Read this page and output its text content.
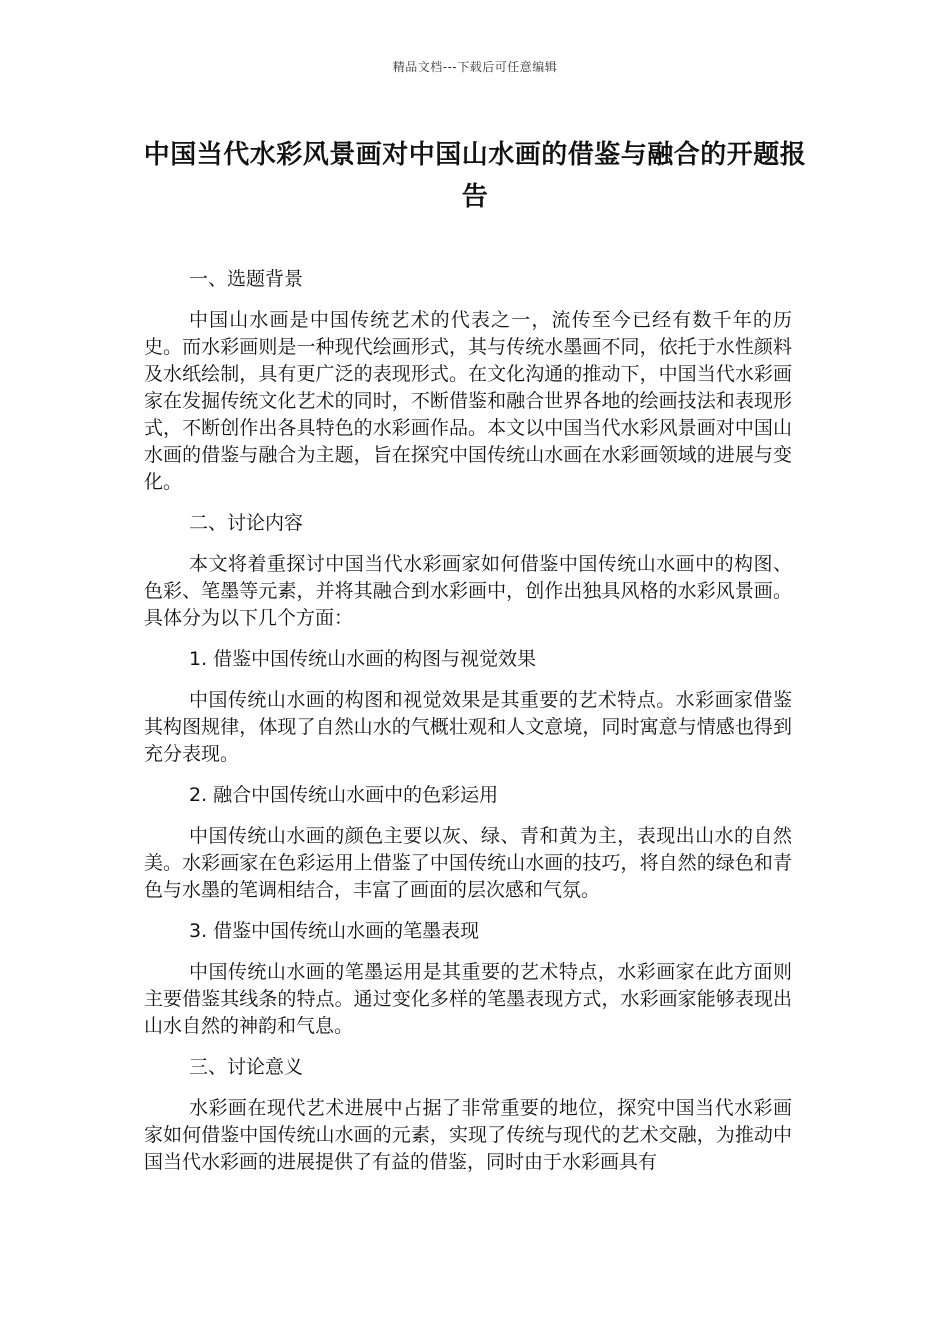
精品文档---下载后可任意编辑
中国当代水彩风景画对中国山水画的借鉴与融合的开题报告
一、选题背景
中国山水画是中国传统艺术的代表之一，流传至今已经有数千年的历史。而水彩画则是一种现代绘画形式，其与传统水墨画不同，依托于水性颜料及水纸绘制，具有更广泛的表现形式。在文化沟通的推动下，中国当代水彩画家在发掘传统文化艺术的同时，不断借鉴和融合世界各地的绘画技法和表现形式，不断创作出各具特色的水彩画作品。本文以中国当代水彩风景画对中国山水画的借鉴与融合为主题，旨在探究中国传统山水画在水彩画领域的进展与变化。
二、讨论内容
本文将着重探讨中国当代水彩画家如何借鉴中国传统山水画中的构图、色彩、笔墨等元素，并将其融合到水彩画中，创作出独具风格的水彩风景画。具体分为以下几个方面：
1. 借鉴中国传统山水画的构图与视觉效果
中国传统山水画的构图和视觉效果是其重要的艺术特点。水彩画家借鉴其构图规律，体现了自然山水的气概壮观和人文意境，同时寓意与情感也得到充分表现。
2. 融合中国传统山水画中的色彩运用
中国传统山水画的颜色主要以灰、绿、青和黄为主，表现出山水的自然美。水彩画家在色彩运用上借鉴了中国传统山水画的技巧，将自然的绿色和青色与水墨的笔调相结合，丰富了画面的层次感和气氛。
3. 借鉴中国传统山水画的笔墨表现
中国传统山水画的笔墨运用是其重要的艺术特点，水彩画家在此方面则主要借鉴其线条的特点。通过变化多样的笔墨表现方式，水彩画家能够表现出山水自然的神韵和气息。
三、讨论意义
水彩画在现代艺术进展中占据了非常重要的地位，探究中国当代水彩画家如何借鉴中国传统山水画的元素，实现了传统与现代的艺术交融，为推动中国当代水彩画的进展提供了有益的借鉴，同时由于水彩画具有
